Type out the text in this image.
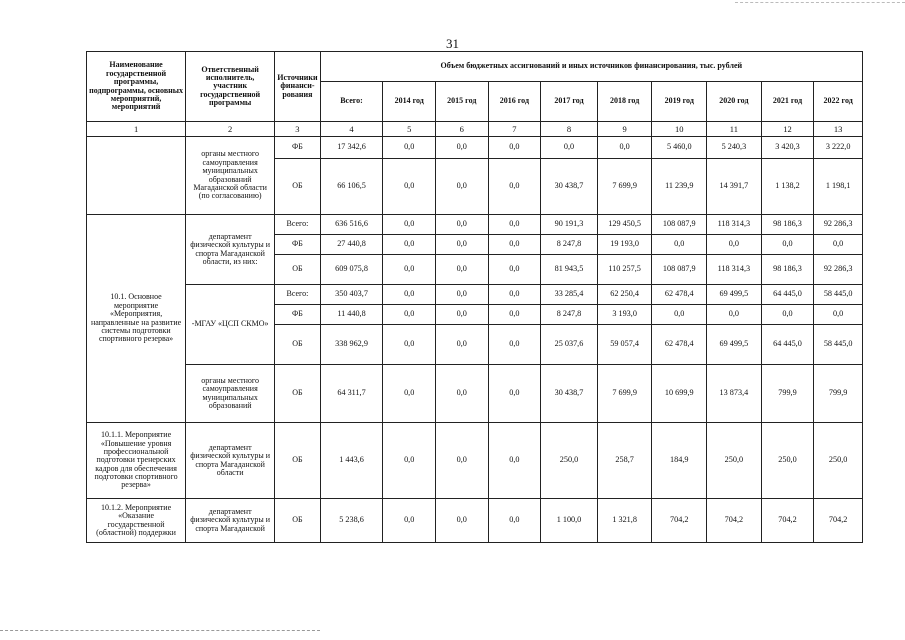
31
Наименование государственной программы, подпрограммы, основных мероприятий, мероприятий	Ответственный исполнитель, участник государственной программы	Источники финанси-рования	Объем бюджетных ассигнований и иных источников финансирования, тыс. рублей									
			Всего:	2014 год	2015 год	2016 год	2017 год	2018 год	2019 год	2020 год	2021 год	2022 год
1	2	3	4	5	6	7	8	9	10	11	12	13
	органы местного самоуправления муниципальных образований Магаданской области (по согласованию)	ФБ	17 342,6	0,0	0,0	0,0	0,0	0,0	5 460,0	5 240,3	3 420,3	3 222,0
		ОБ	66 106,5	0,0	0,0	0,0	30 438,7	7 699,9	11 239,9	14 391,7	1 138,2	1 198,1
10.1. Основное мероприятие «Мероприятия, направленные на развитие системы подготовки спортивного резерва»	департамент физической культуры и спорта Магаданской области, из них:	Всего:	636 516,6	0,0	0,0	0,0	90 191,3	129 450,5	108 087,9	118 314,3	98 186,3	92 286,3
		ФБ	27 440,8	0,0	0,0	0,0	8 247,8	19 193,0	0,0	0,0	0,0	0,0
		ОБ	609 075,8	0,0	0,0	0,0	81 943,5	110 257,5	108 087,9	118 314,3	98 186,3	92 286,3
	-МГАУ «ЦСП СКМО»	Всего:	350 403,7	0,0	0,0	0,0	33 285,4	62 250,4	62 478,4	69 499,5	64 445,0	58 445,0
		ФБ	11 440,8	0,0	0,0	0,0	8 247,8	3 193,0	0,0	0,0	0,0	0,0
		ОБ	338 962,9	0,0	0,0	0,0	25 037,6	59 057,4	62 478,4	69 499,5	64 445,0	58 445,0
	органы местного самоуправления муниципальных образований	ОБ	64 311,7	0,0	0,0	0,0	30 438,7	7 699,9	10 699,9	13 873,4	799,9	799,9
10.1.1. Мероприятие «Повышение уровня профессиональной подготовки тренерских кадров для обеспечения подготовки спортивного резерва»	департамент физической культуры и спорта Магаданской области	ОБ	1 443,6	0,0	0,0	0,0	250,0	258,7	184,9	250,0	250,0	250,0
10.1.2. Мероприятие «Оказание государственной (областной) поддержки	департамент физической культуры и спорта Магаданской	ОБ	5 238,6	0,0	0,0	0,0	1 100,0	1 321,8	704,2	704,2	704,2	704,2
